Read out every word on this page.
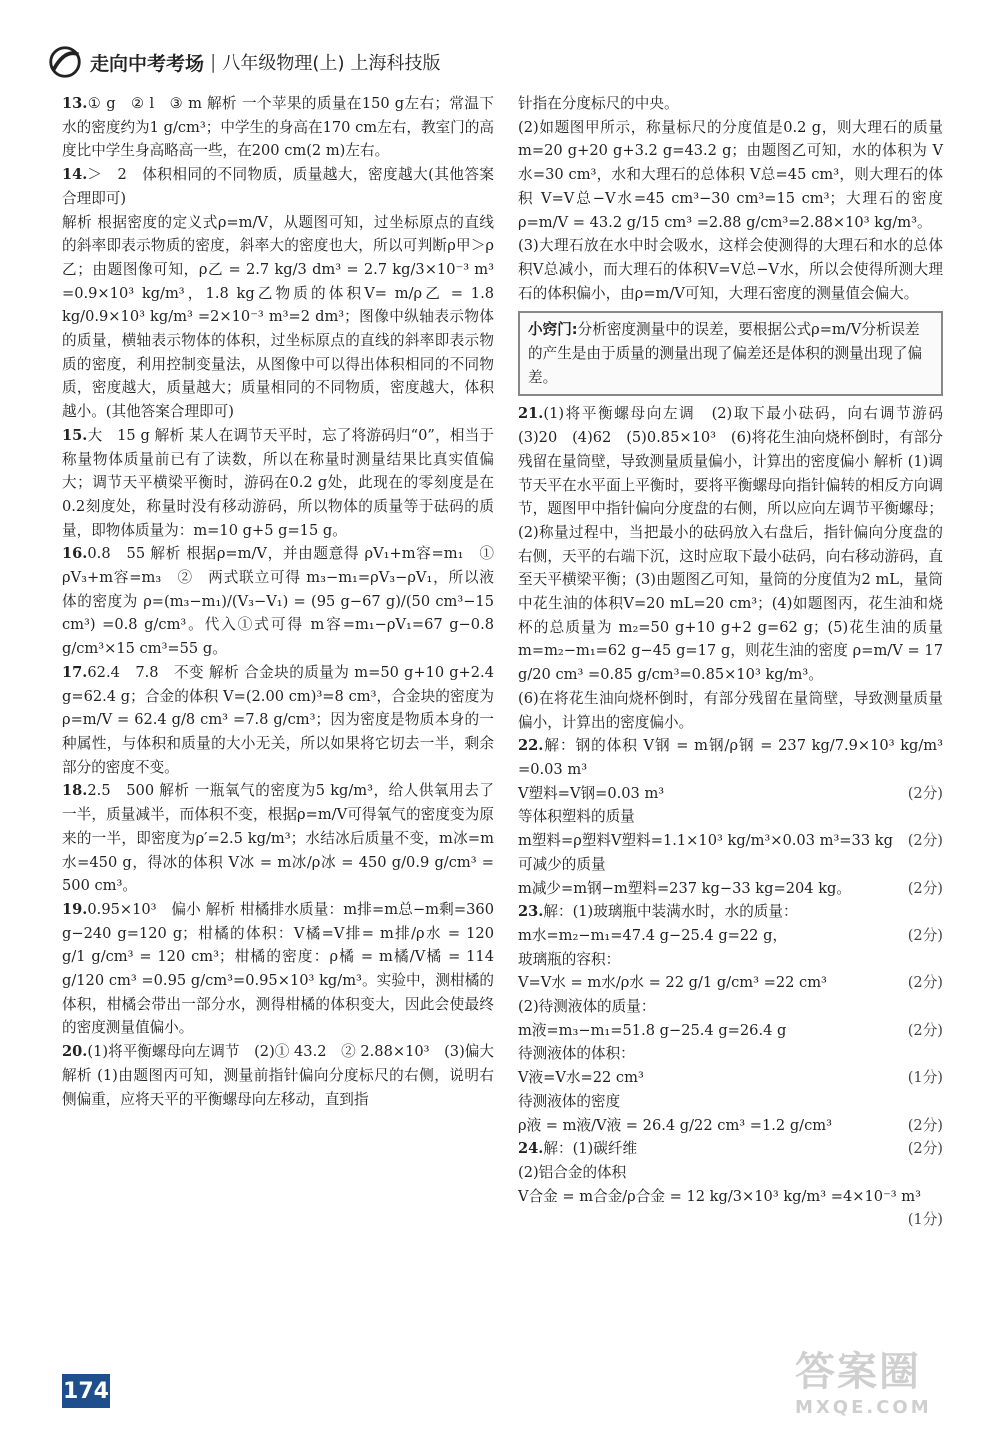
走向中考考场 | 八年级物理(上) 上海科技版

13.① g　② l　③ m 解析 一个苹果的质量在150 g左右；常温下水的密度约为1 g/cm³；中学生的身高在170 cm左右，教室门的高度比中学生身高略高一些，在200 cm(2 m)左右。

14.＞　2　体积相同的不同物质，质量越大，密度越大(其他答案合理即可)

解析 根据密度的定义式ρ=m/V，从题图可知，过坐标原点的直线的斜率即表示物质的密度，斜率大的密度也大，所以可判断ρ甲＞ρ乙；由题图像可知，ρ乙 = 2.7 kg/3 dm³ = 2.7 kg/3×10⁻³ m³ =0.9×10³ kg/m³，1.8 kg乙物质的体积V= m/ρ乙 = 1.8 kg/0.9×10³ kg/m³ =2×10⁻³ m³=2 dm³；图像中纵轴表示物体的质量，横轴表示物体的体积，过坐标原点的直线的斜率即表示物质的密度，利用控制变量法，从图像中可以得出体积相同的不同物质，密度越大，质量越大；质量相同的不同物质，密度越大，体积越小。(其他答案合理即可)

15.大　15 g 解析 某人在调节天平时，忘了将游码归“0”，相当于称量物体质量前已有了读数，所以在称量时测量结果比真实值偏大；调节天平横梁平衡时，游码在0.2 g处，此现在的零刻度是在0.2刻度处，称量时没有移动游码，所以物体的质量等于砝码的质量，即物体质量为：m=10 g+5 g=15 g。

16.0.8　55 解析 根据ρ=m/V，并由题意得 ρV₁+m容=m₁　①　ρV₃+m容=m₃　②　两式联立可得 m₃−m₁=ρV₃−ρV₁，所以液体的密度为 ρ=(m₃−m₁)/(V₃−V₁) = (95 g−67 g)/(50 cm³−15 cm³) =0.8 g/cm³。代入①式可得 m容=m₁−ρV₁=67 g−0.8 g/cm³×15 cm³=55 g。

17.62.4　7.8　不变 解析 合金块的质量为 m=50 g+10 g+2.4 g=62.4 g；合金的体积 V=(2.00 cm)³=8 cm³，合金块的密度为 ρ=m/V = 62.4 g/8 cm³ =7.8 g/cm³；因为密度是物质本身的一种属性，与体积和质量的大小无关，所以如果将它切去一半，剩余部分的密度不变。

18.2.5　500 解析 一瓶氧气的密度为5 kg/m³，给人供氧用去了一半，质量减半，而体积不变，根据ρ=m/V可得氧气的密度变为原来的一半，即密度为ρ′=2.5 kg/m³；水结冰后质量不变，m冰=m水=450 g，得冰的体积 V冰 = m冰/ρ冰 = 450 g/0.9 g/cm³ = 500 cm³。

19.0.95×10³　偏小 解析 柑橘排水质量：m排=m总−m剩=360 g−240 g=120 g；柑橘的体积：V橘=V排= m排/ρ水 = 120 g/1 g/cm³ = 120 cm³；柑橘的密度：ρ橘 = m橘/V橘 = 114 g/120 cm³ =0.95 g/cm³=0.95×10³ kg/m³。实验中，测柑橘的体积，柑橘会带出一部分水，测得柑橘的体积变大，因此会使最终的密度测量值偏小。

20.(1)将平衡螺母向左调节　(2)① 43.2　② 2.88×10³　(3)偏大 解析 (1)由题图丙可知，测量前指针偏向分度标尺的右侧，说明右侧偏重，应将天平的平衡螺母向左移动，直到指

针指在分度标尺的中央。

(2)如题图甲所示，称量标尺的分度值是0.2 g，则大理石的质量 m=20 g+20 g+3.2 g=43.2 g；由题图乙可知，水的体积为 V水=30 cm³，水和大理石的总体积 V总=45 cm³，则大理石的体积 V=V总−V水=45 cm³−30 cm³=15 cm³；大理石的密度 ρ=m/V = 43.2 g/15 cm³ =2.88 g/cm³=2.88×10³ kg/m³。

(3)大理石放在水中时会吸水，这样会使测得的大理石和水的总体积V总减小，而大理石的体积V=V总−V水，所以会使得所测大理石的体积偏小，由ρ=m/V可知，大理石密度的测量值会偏大。

小窍门:分析密度测量中的误差，要根据公式ρ=m/V分析误差的产生是由于质量的测量出现了偏差还是体积的测量出现了偏差。

21.(1)将平衡螺母向左调　(2)取下最小砝码，向右调节游码　(3)20　(4)62　(5)0.85×10³　(6)将花生油向烧杯倒时，有部分残留在量筒壁，导致测量质量偏小，计算出的密度偏小 解析 (1)调节天平在水平面上平衡时，要将平衡螺母向指针偏转的相反方向调节，题图甲中指针偏向分度盘的右侧，所以应向左调节平衡螺母；(2)称量过程中，当把最小的砝码放入右盘后，指针偏向分度盘的右侧，天平的右端下沉，这时应取下最小砝码，向右移动游码，直至天平横梁平衡；(3)由题图乙可知，量筒的分度值为2 mL，量筒中花生油的体积V=20 mL=20 cm³；(4)如题图丙，花生油和烧杯的总质量为 m₂=50 g+10 g+2 g=62 g；(5)花生油的质量 m=m₂−m₁=62 g−45 g=17 g，则花生油的密度 ρ=m/V = 17 g/20 cm³ =0.85 g/cm³=0.85×10³ kg/m³。

(6)在将花生油向烧杯倒时，有部分残留在量筒壁，导致测量质量偏小，计算出的密度偏小。

22.解：钢的体积 V钢 = m钢/ρ钢 = 237 kg/7.9×10³ kg/m³ =0.03 m³

V塑料=V钢=0.03 m³	(2分)

等体积塑料的质量

m塑料=ρ塑料V塑料=1.1×10³ kg/m³×0.03 m³=33 kg (2分)

可减少的质量

m减少=m钢−m塑料=237 kg−33 kg=204 kg。	(2分)

23.解：(1)玻璃瓶中装满水时，水的质量：

m水=m₂−m₁=47.4 g−25.4 g=22 g，	(2分)

玻璃瓶的容积：

V=V水 = m水/ρ水 = 22 g/1 g/cm³ =22 cm³	(2分)

(2)待测液体的质量：

m液=m₃−m₁=51.8 g−25.4 g=26.4 g	(2分)

待测液体的体积：

V液=V水=22 cm³	(1分)

待测液体的密度

ρ液 = m液/V液 = 26.4 g/22 cm³ =1.2 g/cm³	(2分)

24.解：(1)碳纤维	(2分)

(2)铝合金的体积

V合金 = m合金/ρ合金 = 12 kg/3×10³ kg/m³ =4×10⁻³ m³
(1分)

174	答案圈
MXQE.COM
